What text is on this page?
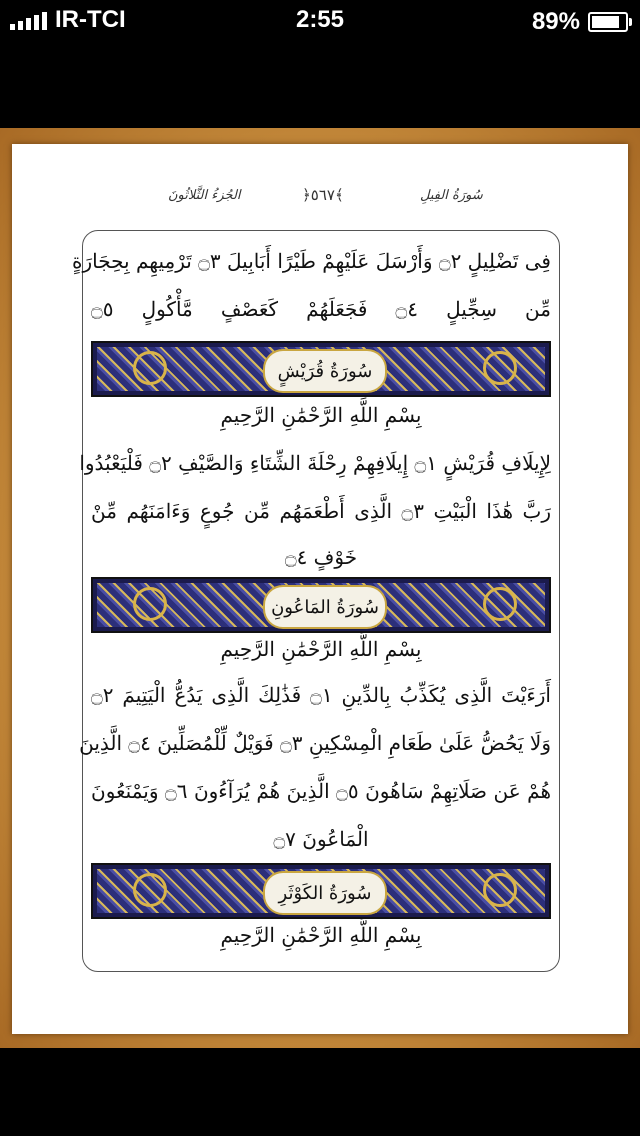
IR-TCI	2:55	89%
سُورَةُ الفِيلِ
﴿٥٦٧﴾
الجُزءُ الثَّلاثُونَ
فِى تَضْلِيلٍ ۝٢ وَأَرْسَلَ عَلَيْهِمْ طَيْرًا أَبَابِيلَ ۝٣ تَرْمِيهِم بِحِجَارَةٍ
مِّن سِجِّيلٍ ۝٤ فَجَعَلَهُمْ كَعَصْفٍ مَّأْكُولٍ ۝٥
سُورَةُ قُرَيْشٍ
بِسْمِ اللَّهِ الرَّحْمَٰنِ الرَّحِيمِ
لِإِيلَافِ قُرَيْشٍ ۝١ إِيلَافِهِمْ رِحْلَةَ الشِّتَاءِ وَالصَّيْفِ ۝٢ فَلْيَعْبُدُوا
رَبَّ هَٰذَا الْبَيْتِ ۝٣ الَّذِى أَطْعَمَهُم مِّن جُوعٍ وَءَامَنَهُم مِّنْ
خَوْفٍ ۝٤
سُورَةُ المَاعُونِ
بِسْمِ اللَّهِ الرَّحْمَٰنِ الرَّحِيمِ
أَرَءَيْتَ الَّذِى يُكَذِّبُ بِالدِّينِ ۝١ فَذَٰلِكَ الَّذِى يَدُعُّ الْيَتِيمَ ۝٢
وَلَا يَحُضُّ عَلَىٰ طَعَامِ الْمِسْكِينِ ۝٣ فَوَيْلٌ لِّلْمُصَلِّينَ ۝٤ الَّذِينَ
هُمْ عَن صَلَاتِهِمْ سَاهُونَ ۝٥ الَّذِينَ هُمْ يُرَآءُونَ ۝٦ وَيَمْنَعُونَ
الْمَاعُونَ ۝٧
سُورَةُ الكَوْثَرِ
بِسْمِ اللَّهِ الرَّحْمَٰنِ الرَّحِيمِ
